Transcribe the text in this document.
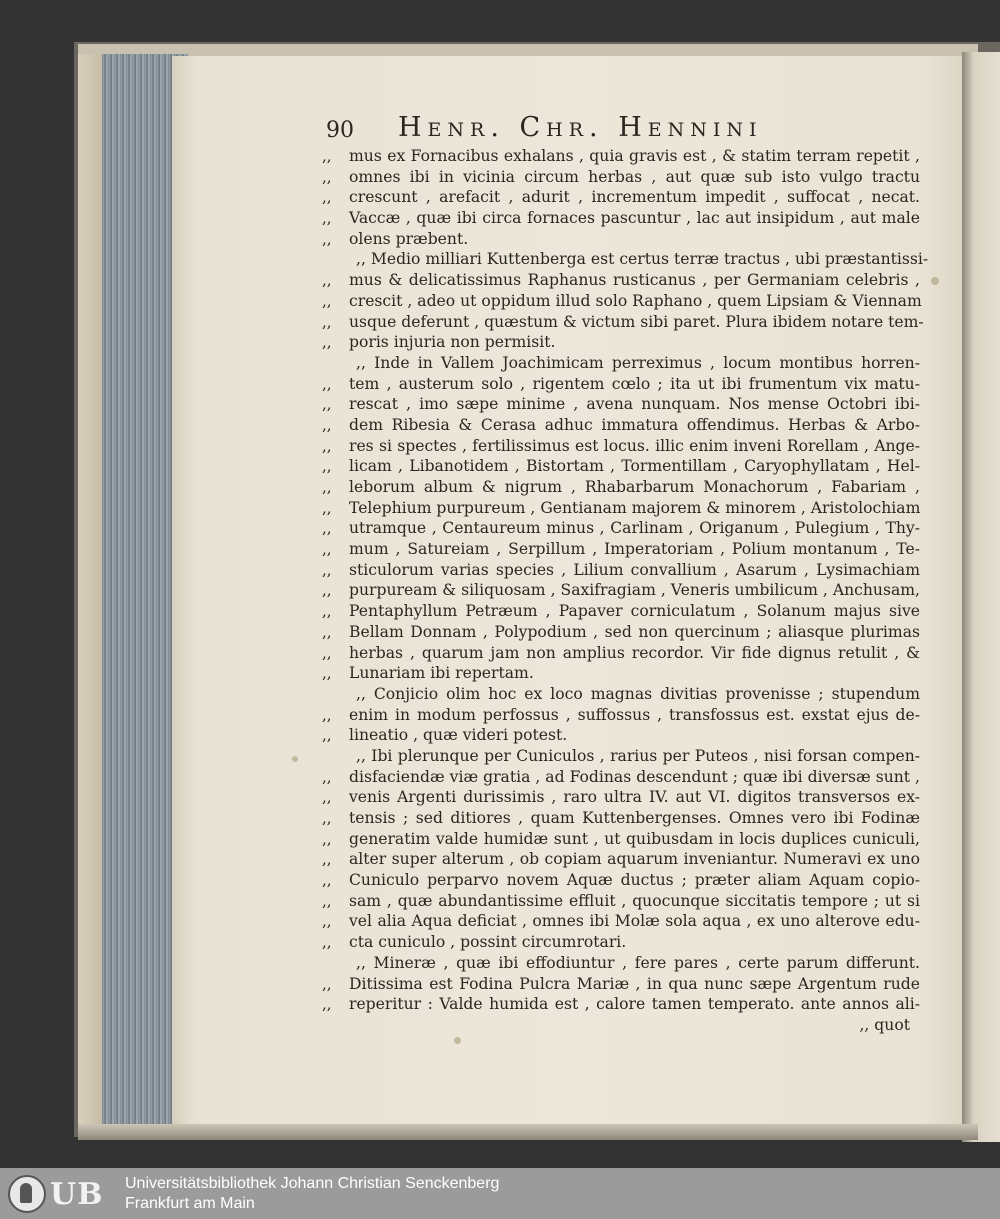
90 Henr. Chr. Hennini
,, mus ex Fornacibus exhalans , quia gravis est , & statim terram repetit ,
,, omnes ibi in vicinia circum herbas , aut quæ sub isto vulgo tractu
,, crescunt , arefacit , adurit , incrementum impedit , suffocat , necat.
,, Vaccæ , quæ ibi circa fornaces pascuntur , lac aut insipidum , aut male
,, olens præbent.
,, Medio milliari Kuttenberga est certus terræ tractus , ubi præstantissi-
,, mus & delicatissimus Raphanus rusticanus , per Germaniam celebris ,
,, crescit , adeo ut oppidum illud solo Raphano , quem Lipsiam & Viennam
,, usque deferunt , quæstum & victum sibi paret. Plura ibidem notare tem-
,, poris injuria non permisit.
,, Inde in Vallem Joachimicam perreximus , locum montibus horren-
,, tem , austerum solo , rigentem cœlo ; ita ut ibi frumentum vix matu-
,, rescat , imo sæpe minime , avena nunquam. Nos mense Octobri ibi-
,, dem Ribesia & Cerasa adhuc immatura offendimus. Herbas & Arbo-
,, res si spectes , fertilissimus est locus. illic enim inveni Rorellam , Ange-
,, licam , Libanotidem , Bistortam , Tormentillam , Caryophyllatam , Hel-
,, leborum album & nigrum , Rhabarbarum Monachorum , Fabariam ,
,, Telephium purpureum , Gentianam majorem & minorem , Aristolochiam
,, utramque , Centaureum minus , Carlinam , Origanum , Pulegium , Thy-
,, mum , Satureiam , Serpillum , Imperatoriam , Polium montanum , Te-
,, sticulorum varias species , Lilium convallium , Asarum , Lysimachiam
,, purpuream & siliquosam , Saxifragiam , Veneris umbilicum , Anchusam,
,, Pentaphyllum Petræum , Papaver corniculatum , Solanum majus sive
,, Bellam Donnam , Polypodium , sed non quercinum ; aliasque plurimas
,, herbas , quarum jam non amplius recordor. Vir fide dignus retulit , &
,, Lunariam ibi repertam.
,, Conjicio olim hoc ex loco magnas divitias provenisse ; stupendum
,, enim in modum perfossus , suffossus , transfossus est. exstat ejus de-
,, lineatio , quæ videri potest.
,, Ibi plerunque per Cuniculos , rarius per Puteos , nisi forsan compen-
,, disfaciendæ viæ gratia , ad Fodinas descendunt ; quæ ibi diversæ sunt ,
,, venis Argenti durissimis , raro ultra IV. aut VI. digitos transversos ex-
,, tensis ; sed ditiores , quam Kuttenbergenses. Omnes vero ibi Fodinæ
,, generatim valde humidæ sunt , ut quibusdam in locis duplices cuniculi,
,, alter super alterum , ob copiam aquarum inveniantur. Numeravi ex uno
,, Cuniculo perparvo novem Aquæ ductus ; præter aliam Aquam copio-
,, sam , quæ abundantissime effluit , quocunque siccitatis tempore ; ut si
,, vel alia Aqua deficiat , omnes ibi Molæ sola aqua , ex uno alterove edu-
,, cta cuniculo , possint circumrotari.
,, Mineræ , quæ ibi effodiuntur , fere pares , certe parum differunt.
,, Ditissima est Fodina Pulcra Mariæ , in qua nunc sæpe Argentum rude
,, reperitur : Valde humida est , calore tamen temperato. ante annos ali-
,, quot
UB Universitätsbibliothek Johann Christian Senckenberg
Frankfurt am Main
